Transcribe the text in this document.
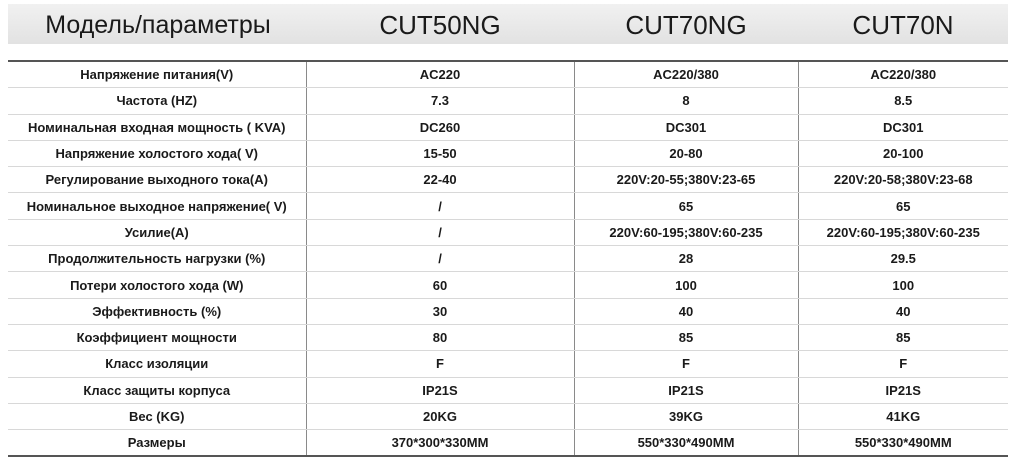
Модель/параметры	CUT50NG	CUT70NG	CUT70N
Напряжение питания(V)	AC220	AC220/380	AC220/380
Частота (HZ)	7.3	8	8.5
Номинальная входная мощность ( KVA)	DC260	DC301	DC301
Напряжение холостого хода( V)	15-50	20-80	20-100
Регулирование выходного тока(A)	22-40	220V:20-55;380V:23-65	220V:20-58;380V:23-68
Номинальное выходное напряжение( V)	/	65	65
Усилие(A)	/	220V:60-195;380V:60-235	220V:60-195;380V:60-235
Продолжительность нагрузки (%)	/	28	29.5
Потери холостого хода (W)	60	100	100
Эффективность (%)	30	40	40
Коэффициент мощности	80	85	85
Класс изоляции	F	F	F
Класс защиты корпуса	IP21S	IP21S	IP21S
Вес (KG)	20KG	39KG	41KG
Размеры	370*300*330MM	550*330*490MM	550*330*490MM
